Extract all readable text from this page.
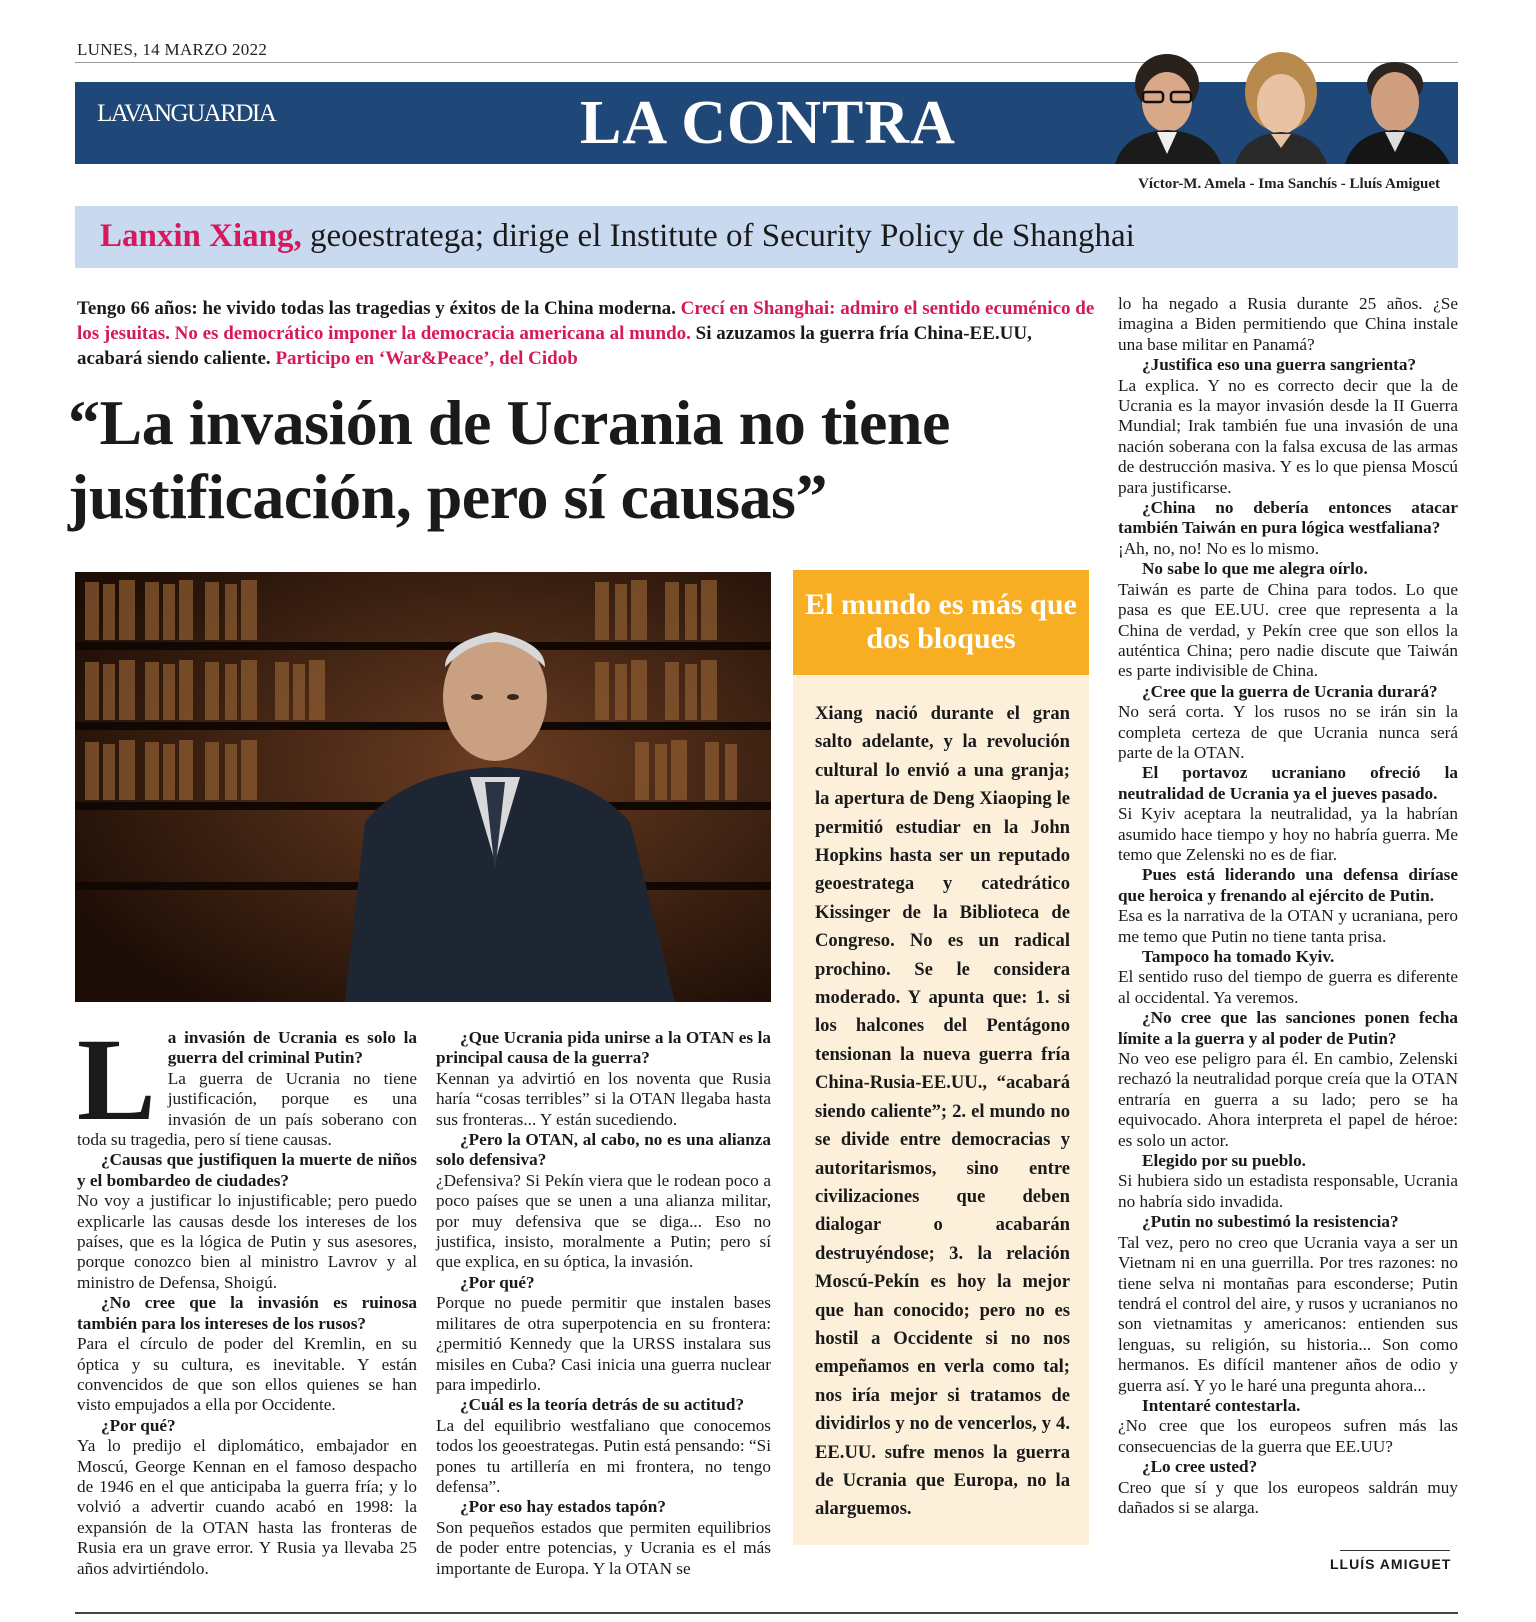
LUNES, 14 MARZO 2022
LAVANGUARDIA	LA CONTRA
Víctor-M. Amela - Ima Sanchís - Lluís Amiguet
Lanxin Xiang, geoestratega; dirige el Institute of Security Policy de Shanghai
Tengo 66 años: he vivido todas las tragedias y éxitos de la China moderna. Crecí en Shanghai: admiro el sentido ecuménico de los jesuitas. No es democrático imponer la democracia americana al mundo. Si azuzamos la guerra fría China-EE.UU, acabará siendo caliente. Participo en ‘War&Peace’, del Cidob
“La invasión de Ucrania no tiene justificación, pero sí causas”
El mundo es más que dos bloques
Xiang nació durante el gran salto adelante, y la revolución cultural lo envió a una granja; la apertura de Deng Xiaoping le permitió estudiar en la John Hopkins hasta ser un reputado geoestratega y catedrático Kissinger de la Biblioteca de Congreso. No es un radical prochino. Se le considera moderado. Y apunta que: 1. si los halcones del Pentágono tensionan la nueva guerra fría China-Rusia-EE.UU., “acabará siendo caliente”; 2. el mundo no se divide entre democracias y autoritarismos, sino entre civilizaciones que deben dialogar o acabarán destruyéndose; 3. la relación Moscú-Pekín es hoy la mejor que han conocido; pero no es hostil a Occidente si no nos empeñamos en verla como tal; nos iría mejor si tratamos de dividirlos y no de vencerlos, y 4. EE.UU. sufre menos la guerra de Ucrania que Europa, no la alarguemos.
L a invasión de Ucrania es solo la guerra del criminal Putin?

La guerra de Ucrania no tiene justificación, porque es una invasión de un país soberano con toda su tragedia, pero sí tiene causas.

¿Causas que justifiquen la muerte de niños y el bombardeo de ciudades?

No voy a justificar lo injustificable; pero puedo explicarle las causas desde los intereses de los países, que es la lógica de Putin y sus asesores, porque conozco bien al ministro Lavrov y al ministro de Defensa, Shoigú.

¿No cree que la invasión es ruinosa también para los intereses de los rusos?

Para el círculo de poder del Kremlin, en su óptica y su cultura, es inevitable. Y están convencidos de que son ellos quienes se han visto empujados a ella por Occidente.

¿Por qué?

Ya lo predijo el diplomático, embajador en Moscú, George Kennan en el famoso despacho de 1946 en el que anticipaba la guerra fría; y lo volvió a advertir cuando acabó en 1998: la expansión de la OTAN hasta las fronteras de Rusia era un grave error. Y Rusia ya llevaba 25 años advirtiéndolo.

¿Que Ucrania pida unirse a la OTAN es la principal causa de la guerra?

Kennan ya advirtió en los noventa que Rusia haría “cosas terribles” si la OTAN llegaba hasta sus fronteras... Y están sucediendo.

¿Pero la OTAN, al cabo, no es una alianza solo defensiva?

¿Defensiva? Si Pekín viera que le rodean poco a poco países que se unen a una alianza militar, por muy defensiva que se diga... Eso no justifica, insisto, moralmente a Putin; pero sí que explica, en su óptica, la invasión.

¿Por qué?

Porque no puede permitir que instalen bases militares de otra superpotencia en su frontera: ¿permitió Kennedy que la URSS instalara sus misiles en Cuba? Casi inicia una guerra nuclear para impedirlo.

¿Cuál es la teoría detrás de su actitud?

La del equilibrio westfaliano que conocemos todos los geoestrategas. Putin está pensando: “Si pones tu artillería en mi frontera, no tengo defensa”.

¿Por eso hay estados tapón?

Son pequeños estados que permiten equilibrios de poder entre potencias, y Ucrania es el más importante de Europa. Y la OTAN se

lo ha negado a Rusia durante 25 años. ¿Se imagina a Biden permitiendo que China instale una base militar en Panamá?

¿Justifica eso una guerra sangrienta?

La explica. Y no es correcto decir que la de Ucrania es la mayor invasión desde la II Guerra Mundial; Irak también fue una invasión de una nación soberana con la falsa excusa de las armas de destrucción masiva. Y es lo que piensa Moscú para justificarse.

¿China no debería entonces atacar también Taiwán en pura lógica westfaliana?

¡Ah, no, no! No es lo mismo.

No sabe lo que me alegra oírlo.

Taiwán es parte de China para todos. Lo que pasa es que EE.UU. cree que representa a la China de verdad, y Pekín cree que son ellos la auténtica China; pero nadie discute que Taiwán es parte indivisible de China.

¿Cree que la guerra de Ucrania durará?

No será corta. Y los rusos no se irán sin la completa certeza de que Ucrania nunca será parte de la OTAN.

El portavoz ucraniano ofreció la neutralidad de Ucrania ya el jueves pasado.

Si Kyiv aceptara la neutralidad, ya la habrían asumido hace tiempo y hoy no habría guerra. Me temo que Zelenski no es de fiar.

Pues está liderando una defensa diríase que heroica y frenando al ejército de Putin.

Esa es la narrativa de la OTAN y ucraniana, pero me temo que Putin no tiene tanta prisa.

Tampoco ha tomado Kyiv.

El sentido ruso del tiempo de guerra es diferente al occidental. Ya veremos.

¿No cree que las sanciones ponen fecha límite a la guerra y al poder de Putin?

No veo ese peligro para él. En cambio, Zelenski rechazó la neutralidad porque creía que la OTAN entraría en guerra a su lado; pero se ha equivocado. Ahora interpreta el papel de héroe: es solo un actor.

Elegido por su pueblo.

Si hubiera sido un estadista responsable, Ucrania no habría sido invadida.

¿Putin no subestimó la resistencia?

Tal vez, pero no creo que Ucrania vaya a ser un Vietnam ni en una guerrilla. Por tres razones: no tiene selva ni montañas para esconderse; Putin tendrá el control del aire, y rusos y ucranianos no son vietnamitas y americanos: entienden sus lenguas, su religión, su historia... Son como hermanos. Es difícil mantener años de odio y guerra así. Y yo le haré una pregunta ahora...

Intentaré contestarla.

¿No cree que los europeos sufren más las consecuencias de la guerra que EE.UU?

¿Lo cree usted?

Creo que sí y que los europeos saldrán muy dañados si se alarga.

LLUÍS AMIGUET
